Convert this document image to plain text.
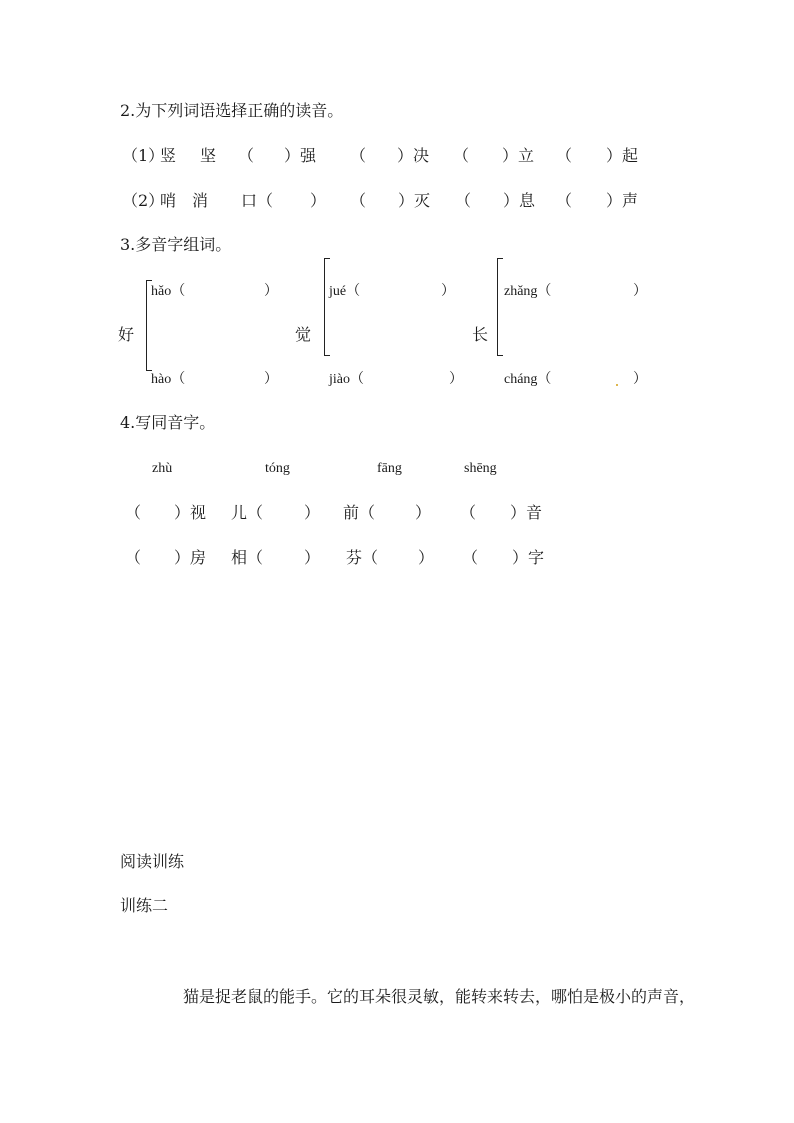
2.为下列词语选择正确的读音。
（1）
竖 坚 （ ）强 （ ）决 （ ）立 （ ）起
（2）
哨 消 口（ ） （ ）灭 （ ）息 （ ）声
3.多音字组词。
好
hǎo（	）
hào（	）
觉
jué（	）
jiào（	）
长
zhǎng（	）
cháng（	）
4.写同音字。
zhù	tóng	fāng	shēng
（ ）视 儿（	） 前（ ） （ ）音
（ ）房 相（	） 芬（ ） （ ）字
阅读训练
训练二
猫是捉老鼠的能手。它的耳朵很灵敏，能转来转去，哪怕是极小的声音，
